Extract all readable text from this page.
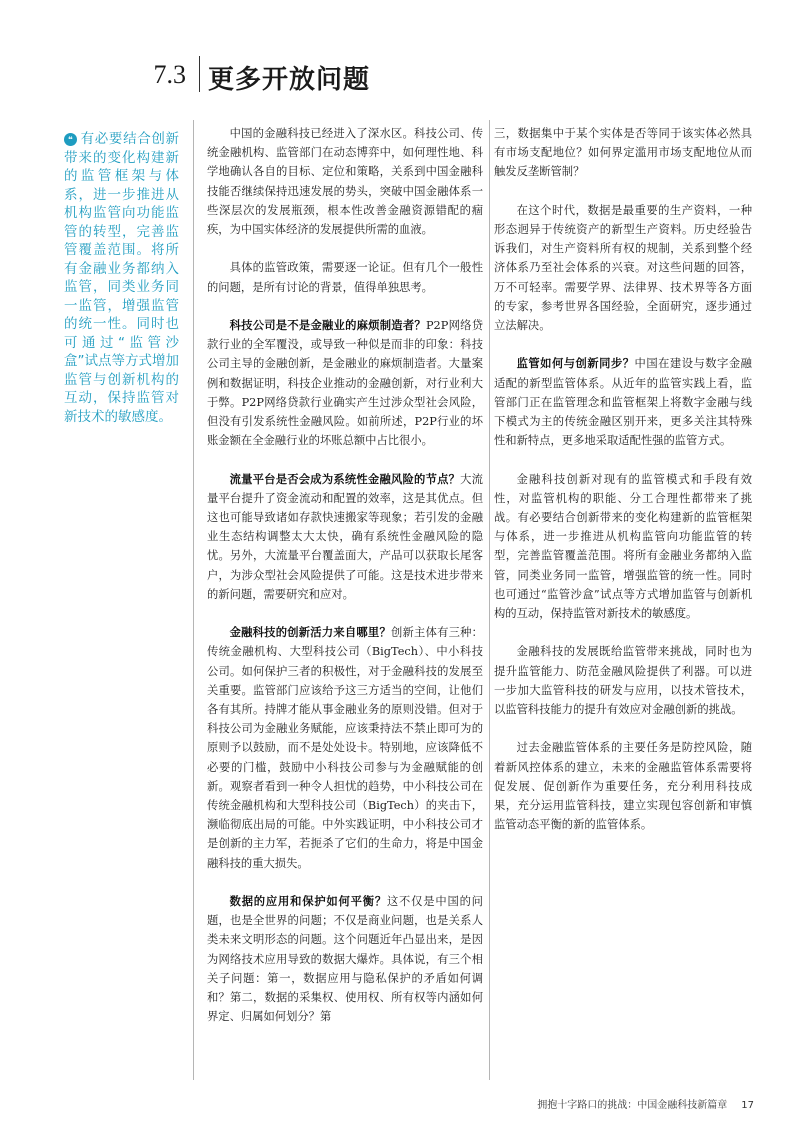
7.3 更多开放问题
❝ 有必要结合创新带来的变化构建新的监管框架与体系，进一步推进从机构监管向功能监管的转型，完善监管覆盖范围。将所有金融业务都纳入监管，同类业务同一监管，增强监管的统一性。同时也可通过“监管沙盒”试点等方式增加监管与创新机构的互动，保持监管对新技术的敏感度。

中国的金融科技已经进入了深水区。科技公司、传统金融机构、监管部门在动态博弈中，如何理性地、科学地确认各自的目标、定位和策略，关系到中国金融科技能否继续保持迅速发展的势头，突破中国金融体系一些深层次的发展瓶颈，根本性改善金融资源错配的痼疾，为中国实体经济的发展提供所需的血液。

具体的监管政策，需要逐一论证。但有几个一般性的问题，是所有讨论的背景，值得单独思考。

科技公司是不是金融业的麻烦制造者？P2P网络贷款行业的全军覆没，或导致一种似是而非的印象：科技公司主导的金融创新，是金融业的麻烦制造者。大量案例和数据证明，科技企业推动的金融创新，对行业利大于弊。P2P网络贷款行业确实产生过涉众型社会风险，但没有引发系统性金融风险。如前所述，P2P行业的坏账金额在全金融行业的坏账总额中占比很小。

流量平台是否会成为系统性金融风险的节点？大流量平台提升了资金流动和配置的效率，这是其优点。但这也可能导致诸如存款快速搬家等现象；若引发的金融业生态结构调整太大太快，确有系统性金融风险的隐忧。另外，大流量平台覆盖面大，产品可以获取长尾客户，为涉众型社会风险提供了可能。这是技术进步带来的新问题，需要研究和应对。

金融科技的创新活力来自哪里？创新主体有三种：传统金融机构、大型科技公司（BigTech）、中小科技公司。如何保护三者的积极性，对于金融科技的发展至关重要。监管部门应该给予这三方适当的空间，让他们各有其所。持牌才能从事金融业务的原则没错。但对于科技公司为金融业务赋能，应该秉持法不禁止即可为的原则予以鼓励，而不是处处设卡。特别地，应该降低不必要的门槛，鼓励中小科技公司参与为金融赋能的创新。观察者看到一种令人担忧的趋势，中小科技公司在传统金融机构和大型科技公司（BigTech）的夹击下，濒临彻底出局的可能。中外实践证明，中小科技公司才是创新的主力军，若扼杀了它们的生命力，将是中国金融科技的重大损失。

数据的应用和保护如何平衡？这不仅是中国的问题，也是全世界的问题；不仅是商业问题，也是关系人类未来文明形态的问题。这个问题近年凸显出来，是因为网络技术应用导致的数据大爆炸。具体说，有三个相关子问题：第一，数据应用与隐私保护的矛盾如何调和？第二，数据的采集权、使用权、所有权等内涵如何界定、归属如何划分？第

三，数据集中于某个实体是否等同于该实体必然具有市场支配地位？如何界定滥用市场支配地位从而触发反垄断管制？

在这个时代，数据是最重要的生产资料，一种形态迥异于传统资产的新型生产资料。历史经验告诉我们，对生产资料所有权的规制，关系到整个经济体系乃至社会体系的兴衰。对这些问题的回答，万不可轻率。需要学界、法律界、技术界等各方面的专家，参考世界各国经验，全面研究，逐步通过立法解决。

监管如何与创新同步？中国在建设与数字金融适配的新型监管体系。从近年的监管实践上看，监管部门正在监管理念和监管框架上将数字金融与线下模式为主的传统金融区别开来，更多关注其特殊性和新特点，更多地采取适配性强的监管方式。

金融科技创新对现有的监管模式和手段有效性，对监管机构的职能、分工合理性都带来了挑战。有必要结合创新带来的变化构建新的监管框架与体系，进一步推进从机构监管向功能监管的转型，完善监管覆盖范围。将所有金融业务都纳入监管，同类业务同一监管，增强监管的统一性。同时也可通过“监管沙盒”试点等方式增加监管与创新机构的互动，保持监管对新技术的敏感度。

金融科技的发展既给监管带来挑战，同时也为提升监管能力、防范金融风险提供了利器。可以进一步加大监管科技的研发与应用，以技术管技术，以监管科技能力的提升有效应对金融创新的挑战。

过去金融监管体系的主要任务是防控风险，随着新风控体系的建立，未来的金融监管体系需要将促发展、促创新作为重要任务，充分利用科技成果，充分运用监管科技，建立实现包容创新和审慎监管动态平衡的新的监管体系。

拥抱十字路口的挑战：中国金融科技新篇章 17
